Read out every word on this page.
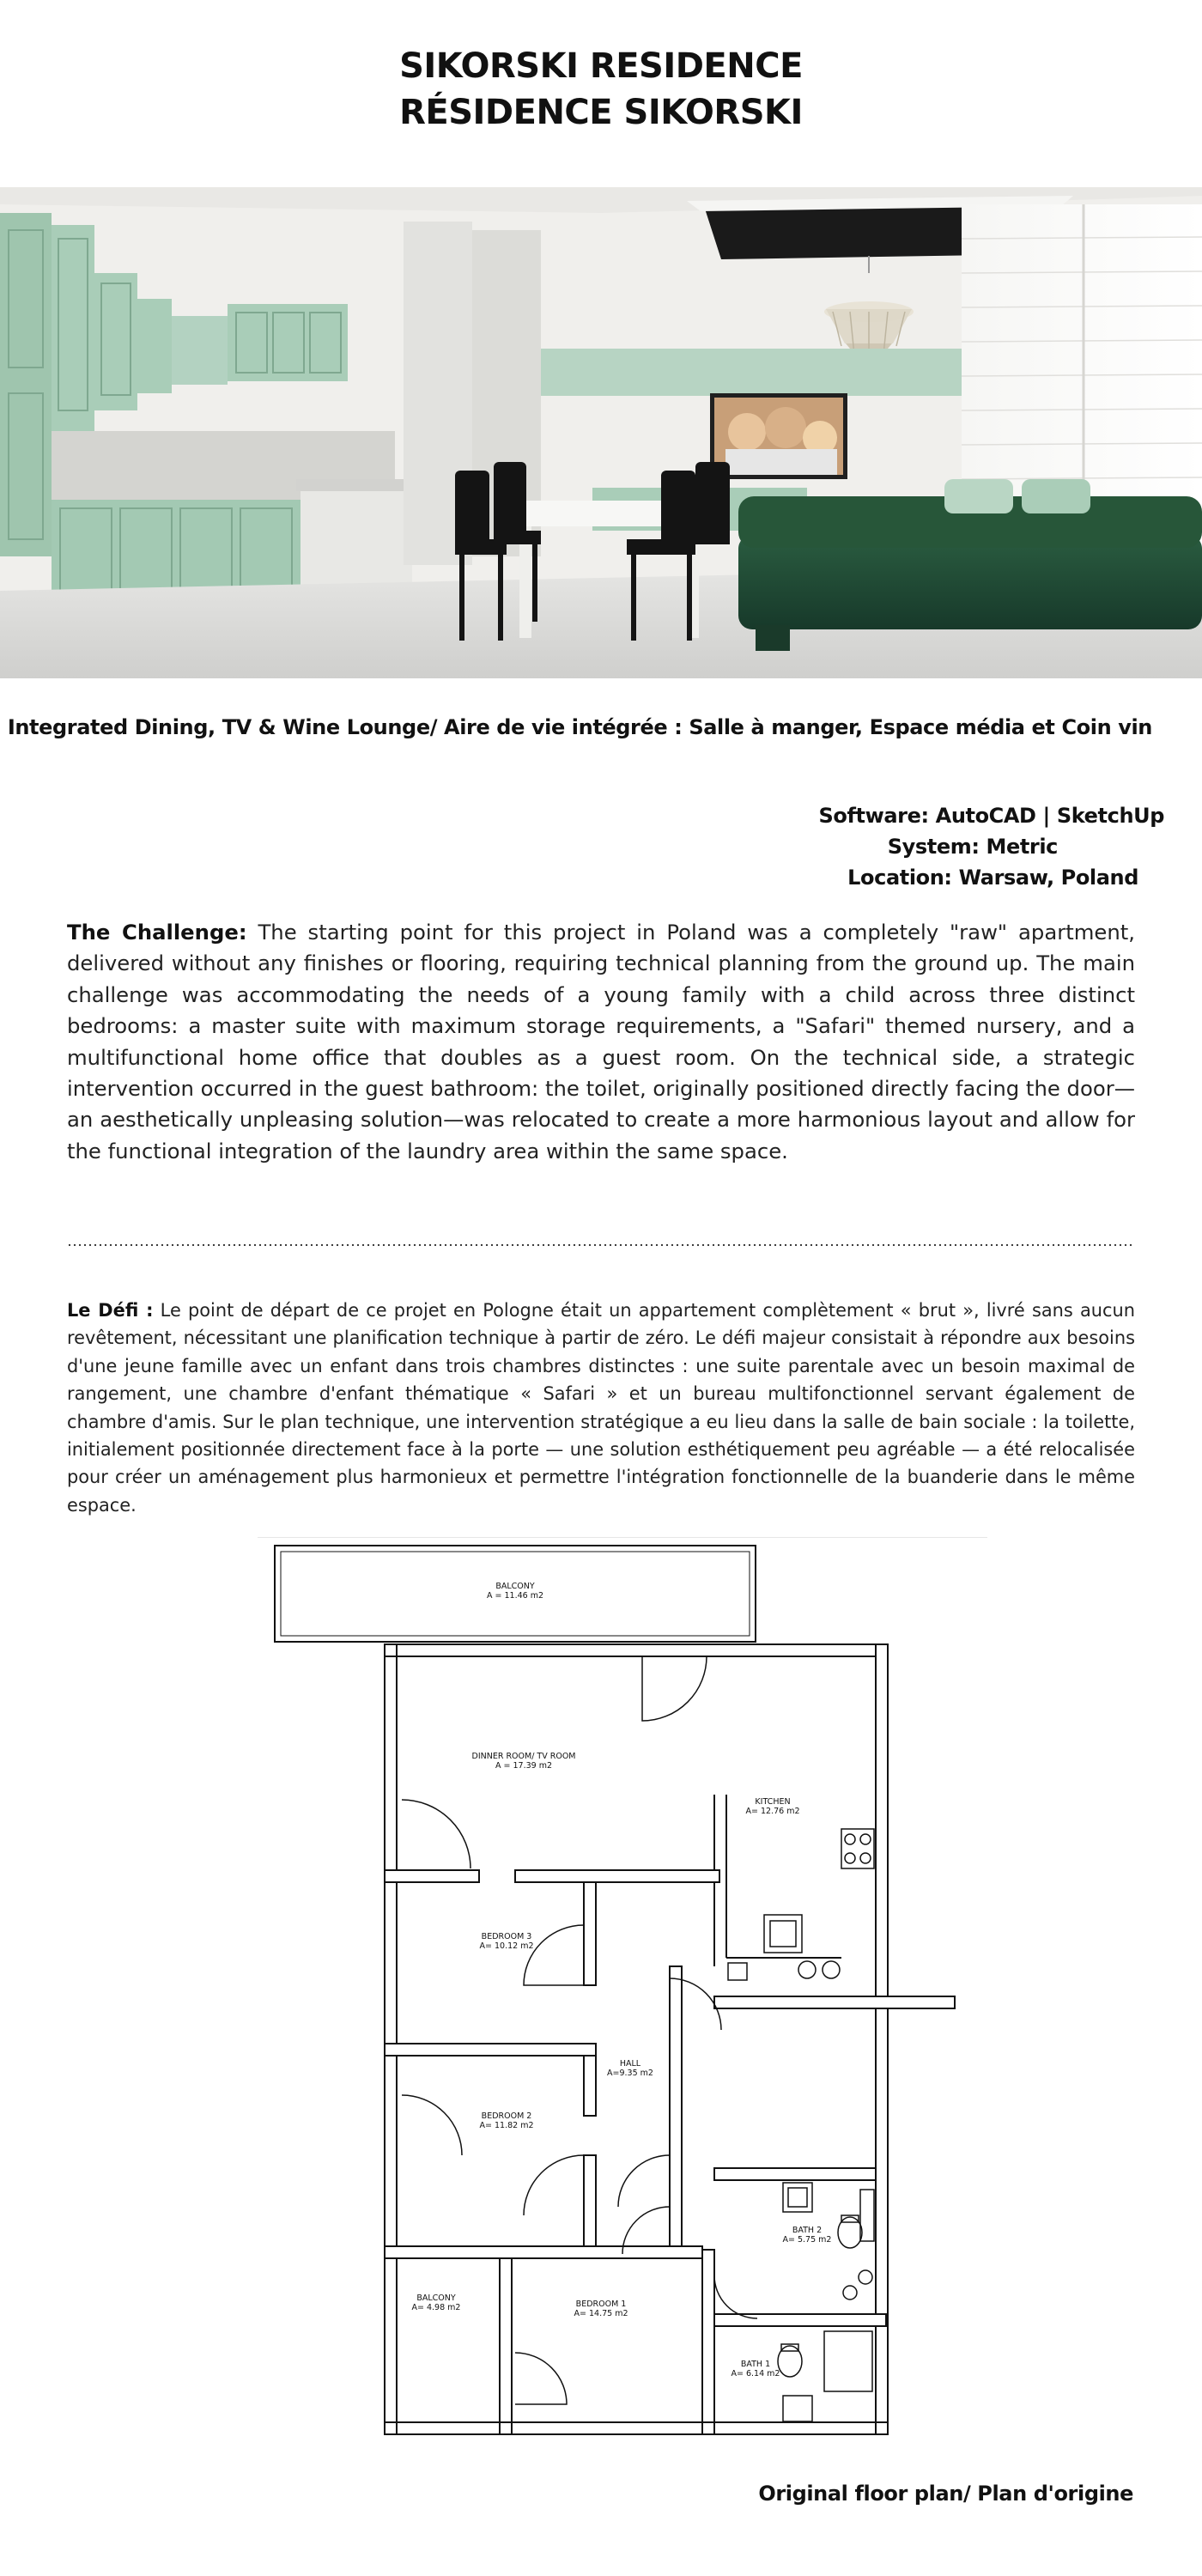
SIKORSKI RESIDENCE
RÉSIDENCE SIKORSKI
Integrated Dining, TV & Wine Lounge/ Aire de vie intégrée : Salle à manger, Espace média et Coin vin
Software: AutoCAD | SketchUp
System: Metric
Location: Warsaw, Poland
The Challenge: The starting point for this project in Poland was a completely "raw" apartment, delivered without any finishes or flooring, requiring technical planning from the ground up. The main challenge was accommodating the needs of a young family with a child across three distinct bedrooms: a master suite with maximum storage requirements, a "Safari" themed nursery, and a multifunctional home office that doubles as a guest room. On the technical side, a strategic intervention occurred in the guest bathroom: the toilet, originally positioned directly facing the door—an aesthetically unpleasing solution—was relocated to create a more harmonious layout and allow for the functional integration of the laundry area within the same space.
Le Défi : Le point de départ de ce projet en Pologne était un appartement complètement « brut », livré sans aucun revêtement, nécessitant une planification technique à partir de zéro. Le défi majeur consistait à répondre aux besoins d'une jeune famille avec un enfant dans trois chambres distinctes : une suite parentale avec un besoin maximal de rangement, une chambre d'enfant thématique « Safari » et un bureau multifonctionnel servant également de chambre d'amis. Sur le plan technique, une intervention stratégique a eu lieu dans la salle de bain sociale : la toilette, initialement positionnée directement face à la porte — une solution esthétiquement peu agréable — a été relocalisée pour créer un aménagement plus harmonieux et permettre l'intégration fonctionnelle de la buanderie dans le même espace.
BALCONY
A = 11.46 m2
DINNER ROOM/ TV ROOM
A = 17.39 m2
KITCHEN
A= 12.76 m2
BEDROOM 3
A= 10.12 m2
HALL
A=9.35 m2
BEDROOM 2
A= 11.82 m2
BATH 2
A= 5.75 m2
BALCONY
A= 4.98 m2	BEDROOM 1
A= 14.75 m2
BATH 1
A= 6.14 m2
Original floor plan/ Plan d'origine
